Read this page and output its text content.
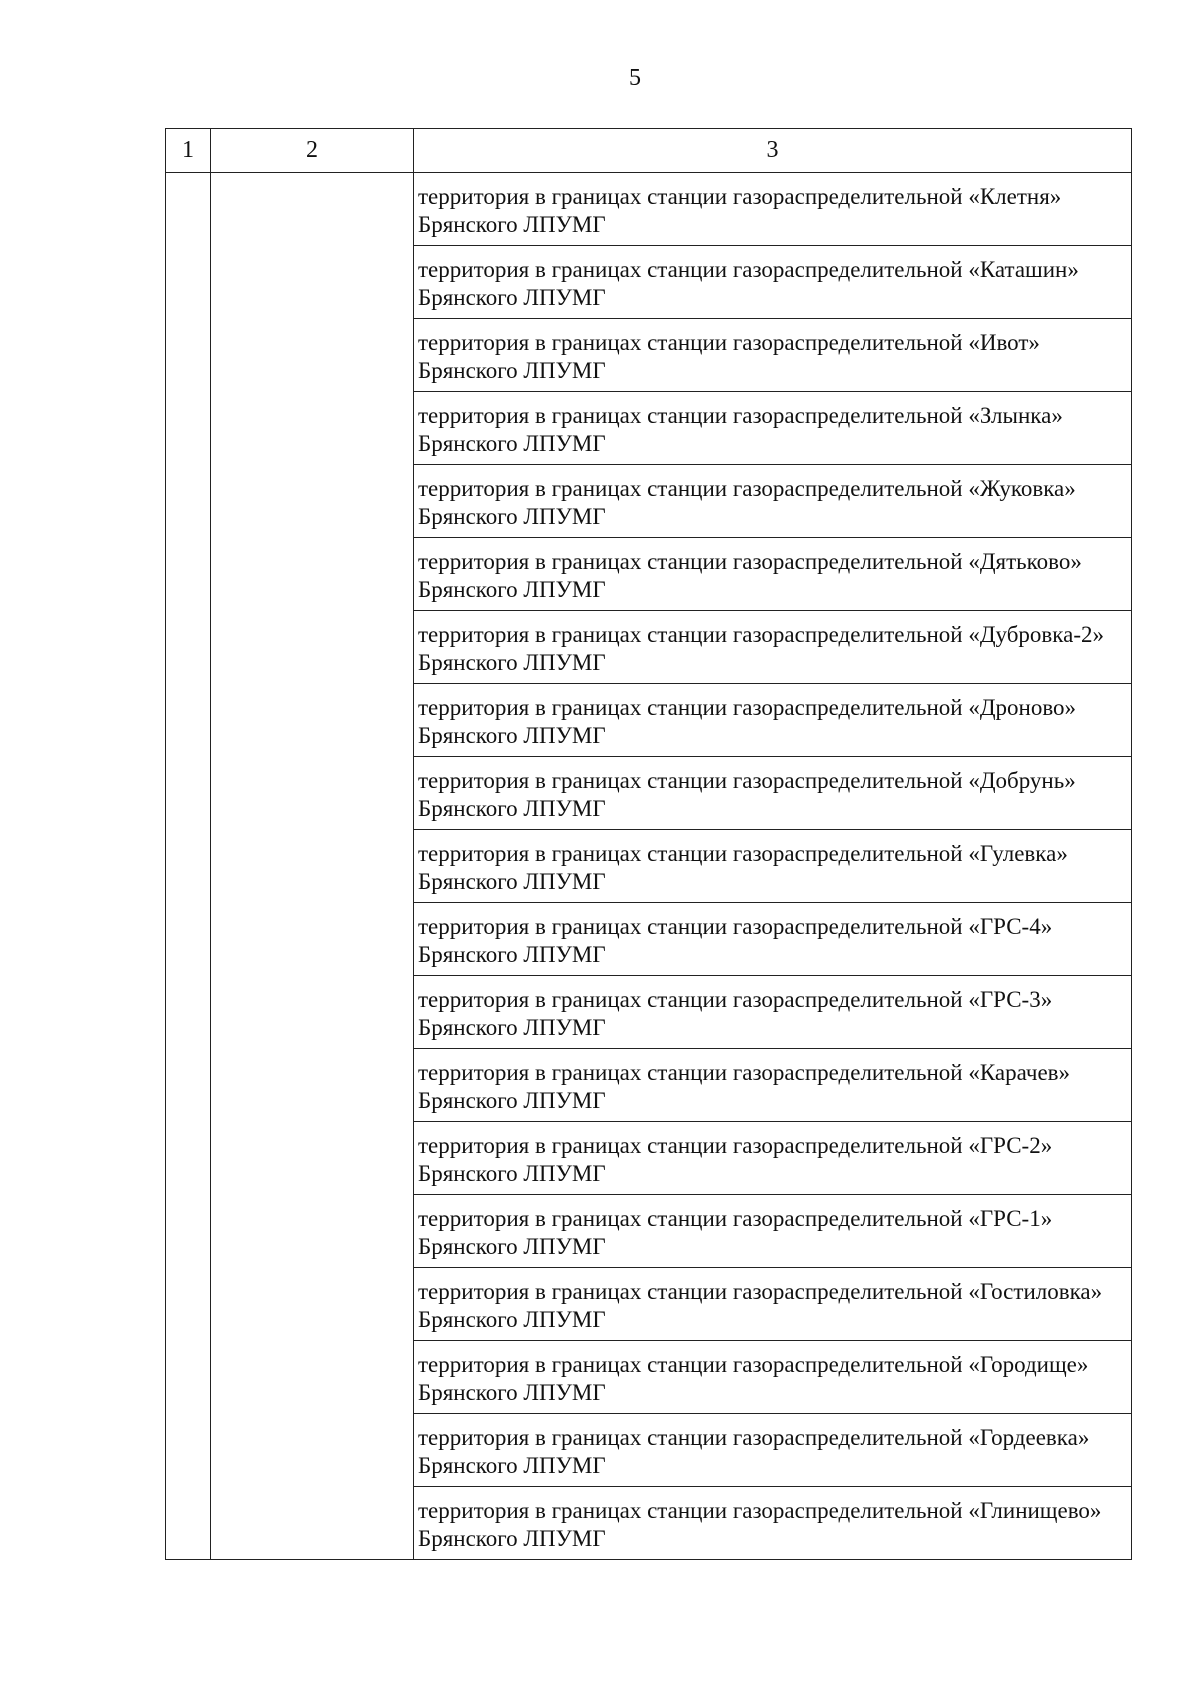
5
1	2	3

		территория в границах станции газораспределительной «Клетня»
Брянского ЛПУМГ

		территория в границах станции газораспределительной «Каташин»
Брянского ЛПУМГ

		территория в границах станции газораспределительной «Ивот»
Брянского ЛПУМГ

		территория в границах станции газораспределительной «Злынка»
Брянского ЛПУМГ

		территория в границах станции газораспределительной «Жуковка»
Брянского ЛПУМГ

		территория в границах станции газораспределительной «Дятьково»
Брянского ЛПУМГ

		территория в границах станции газораспределительной «Дубровка-2»
Брянского ЛПУМГ

		территория в границах станции газораспределительной «Дроново»
Брянского ЛПУМГ

		территория в границах станции газораспределительной «Добрунь»
Брянского ЛПУМГ

		территория в границах станции газораспределительной «Гулевка»
Брянского ЛПУМГ

		территория в границах станции газораспределительной «ГРС-4»
Брянского ЛПУМГ

		территория в границах станции газораспределительной «ГРС-3»
Брянского ЛПУМГ

		территория в границах станции газораспределительной «Карачев»
Брянского ЛПУМГ

		территория в границах станции газораспределительной «ГРС-2»
Брянского ЛПУМГ

		территория в границах станции газораспределительной «ГРС-1»
Брянского ЛПУМГ

		территория в границах станции газораспределительной «Гостиловка»
Брянского ЛПУМГ

		территория в границах станции газораспределительной «Городище»
Брянского ЛПУМГ

		территория в границах станции газораспределительной «Гордеевка»
Брянского ЛПУМГ

		территория в границах станции газораспределительной «Глинищево»
Брянского ЛПУМГ
